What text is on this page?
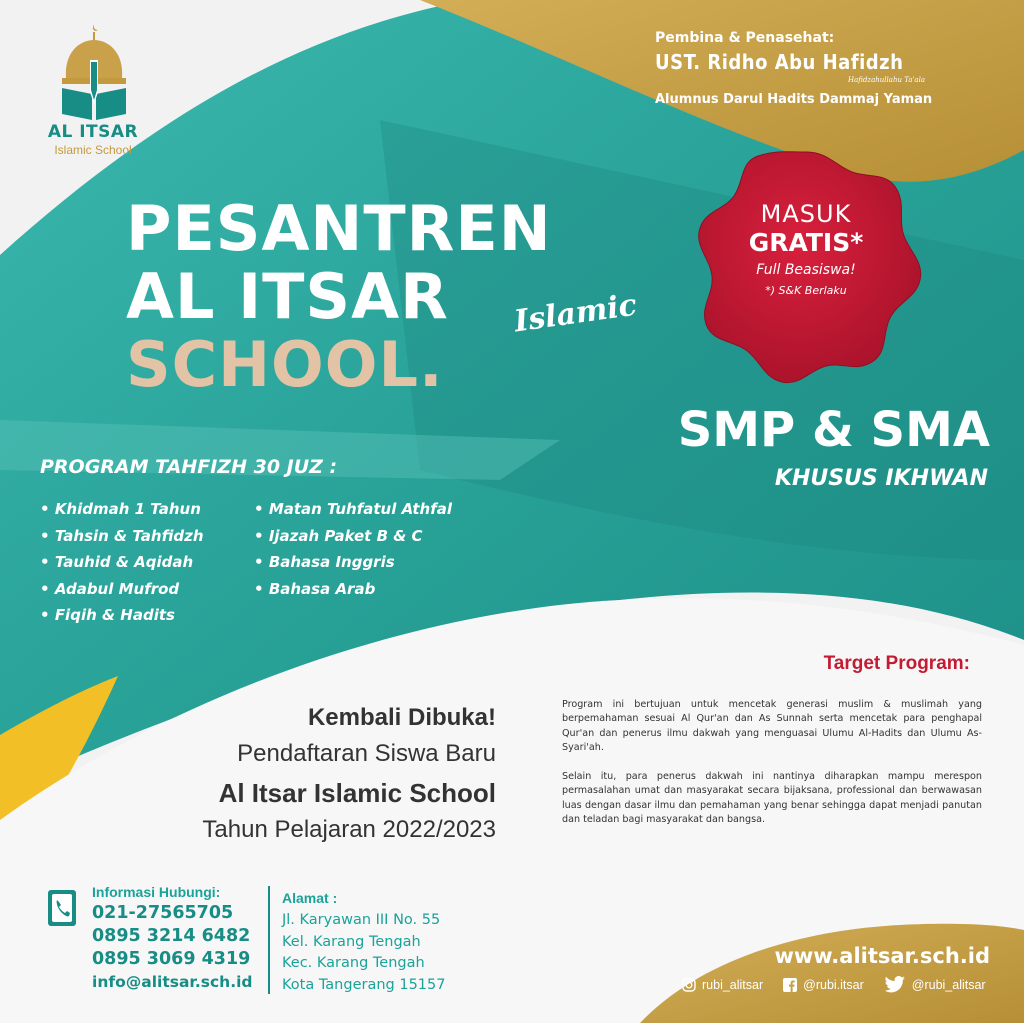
AL ITSAR
Islamic School
Pembina & Penasehat:
UST. Ridho Abu Hafidzh
Hafidzahullahu Ta'ala
Alumnus Darul Hadits Dammaj Yaman
PESANTREN
AL ITSAR Islamic
SCHOOL.
MASUK
GRATIS*
Full Beasiswa!
*) S&K Berlaku
SMP & SMA
KHUSUS IKHWAN
PROGRAM TAHFIZH 30 JUZ :
• Khidmah 1 Tahun
• Tahsin & Tahfidzh
• Tauhid & Aqidah
• Adabul Mufrod
• Fiqih & Hadits
• Matan Tuhfatul Athfal
• Ijazah Paket B & C
• Bahasa Inggris
• Bahasa Arab
Kembali Dibuka!
Pendaftaran Siswa Baru
Al Itsar Islamic School
Tahun Pelajaran 2022/2023
Target Program:

Program ini bertujuan untuk mencetak generasi muslim & muslimah yang berpemahaman sesuai Al Qur'an dan As Sunnah serta mencetak para penghapal Qur'an dan penerus ilmu dakwah yang menguasai Ulumu Al-Hadits dan Ulumu As-Syari'ah.

Selain itu, para penerus dakwah ini nantinya diharapkan mampu merespon permasalahan umat dan masyarakat secara bijaksana, professional dan berwawasan luas dengan dasar ilmu dan pemahaman yang benar sehingga dapat menjadi panutan dan teladan bagi masyarakat dan bangsa.

Informasi Hubungi:
021-27565705
0895 3214 6482
0895 3069 4319
info@alitsar.sch.id
Alamat :
Jl. Karyawan III No. 55
Kel. Karang Tengah
Kec. Karang Tengah
Kota Tangerang 15157
www.alitsar.sch.id
rubi_alitsar	@rubi.itsar	@rubi_alitsar
